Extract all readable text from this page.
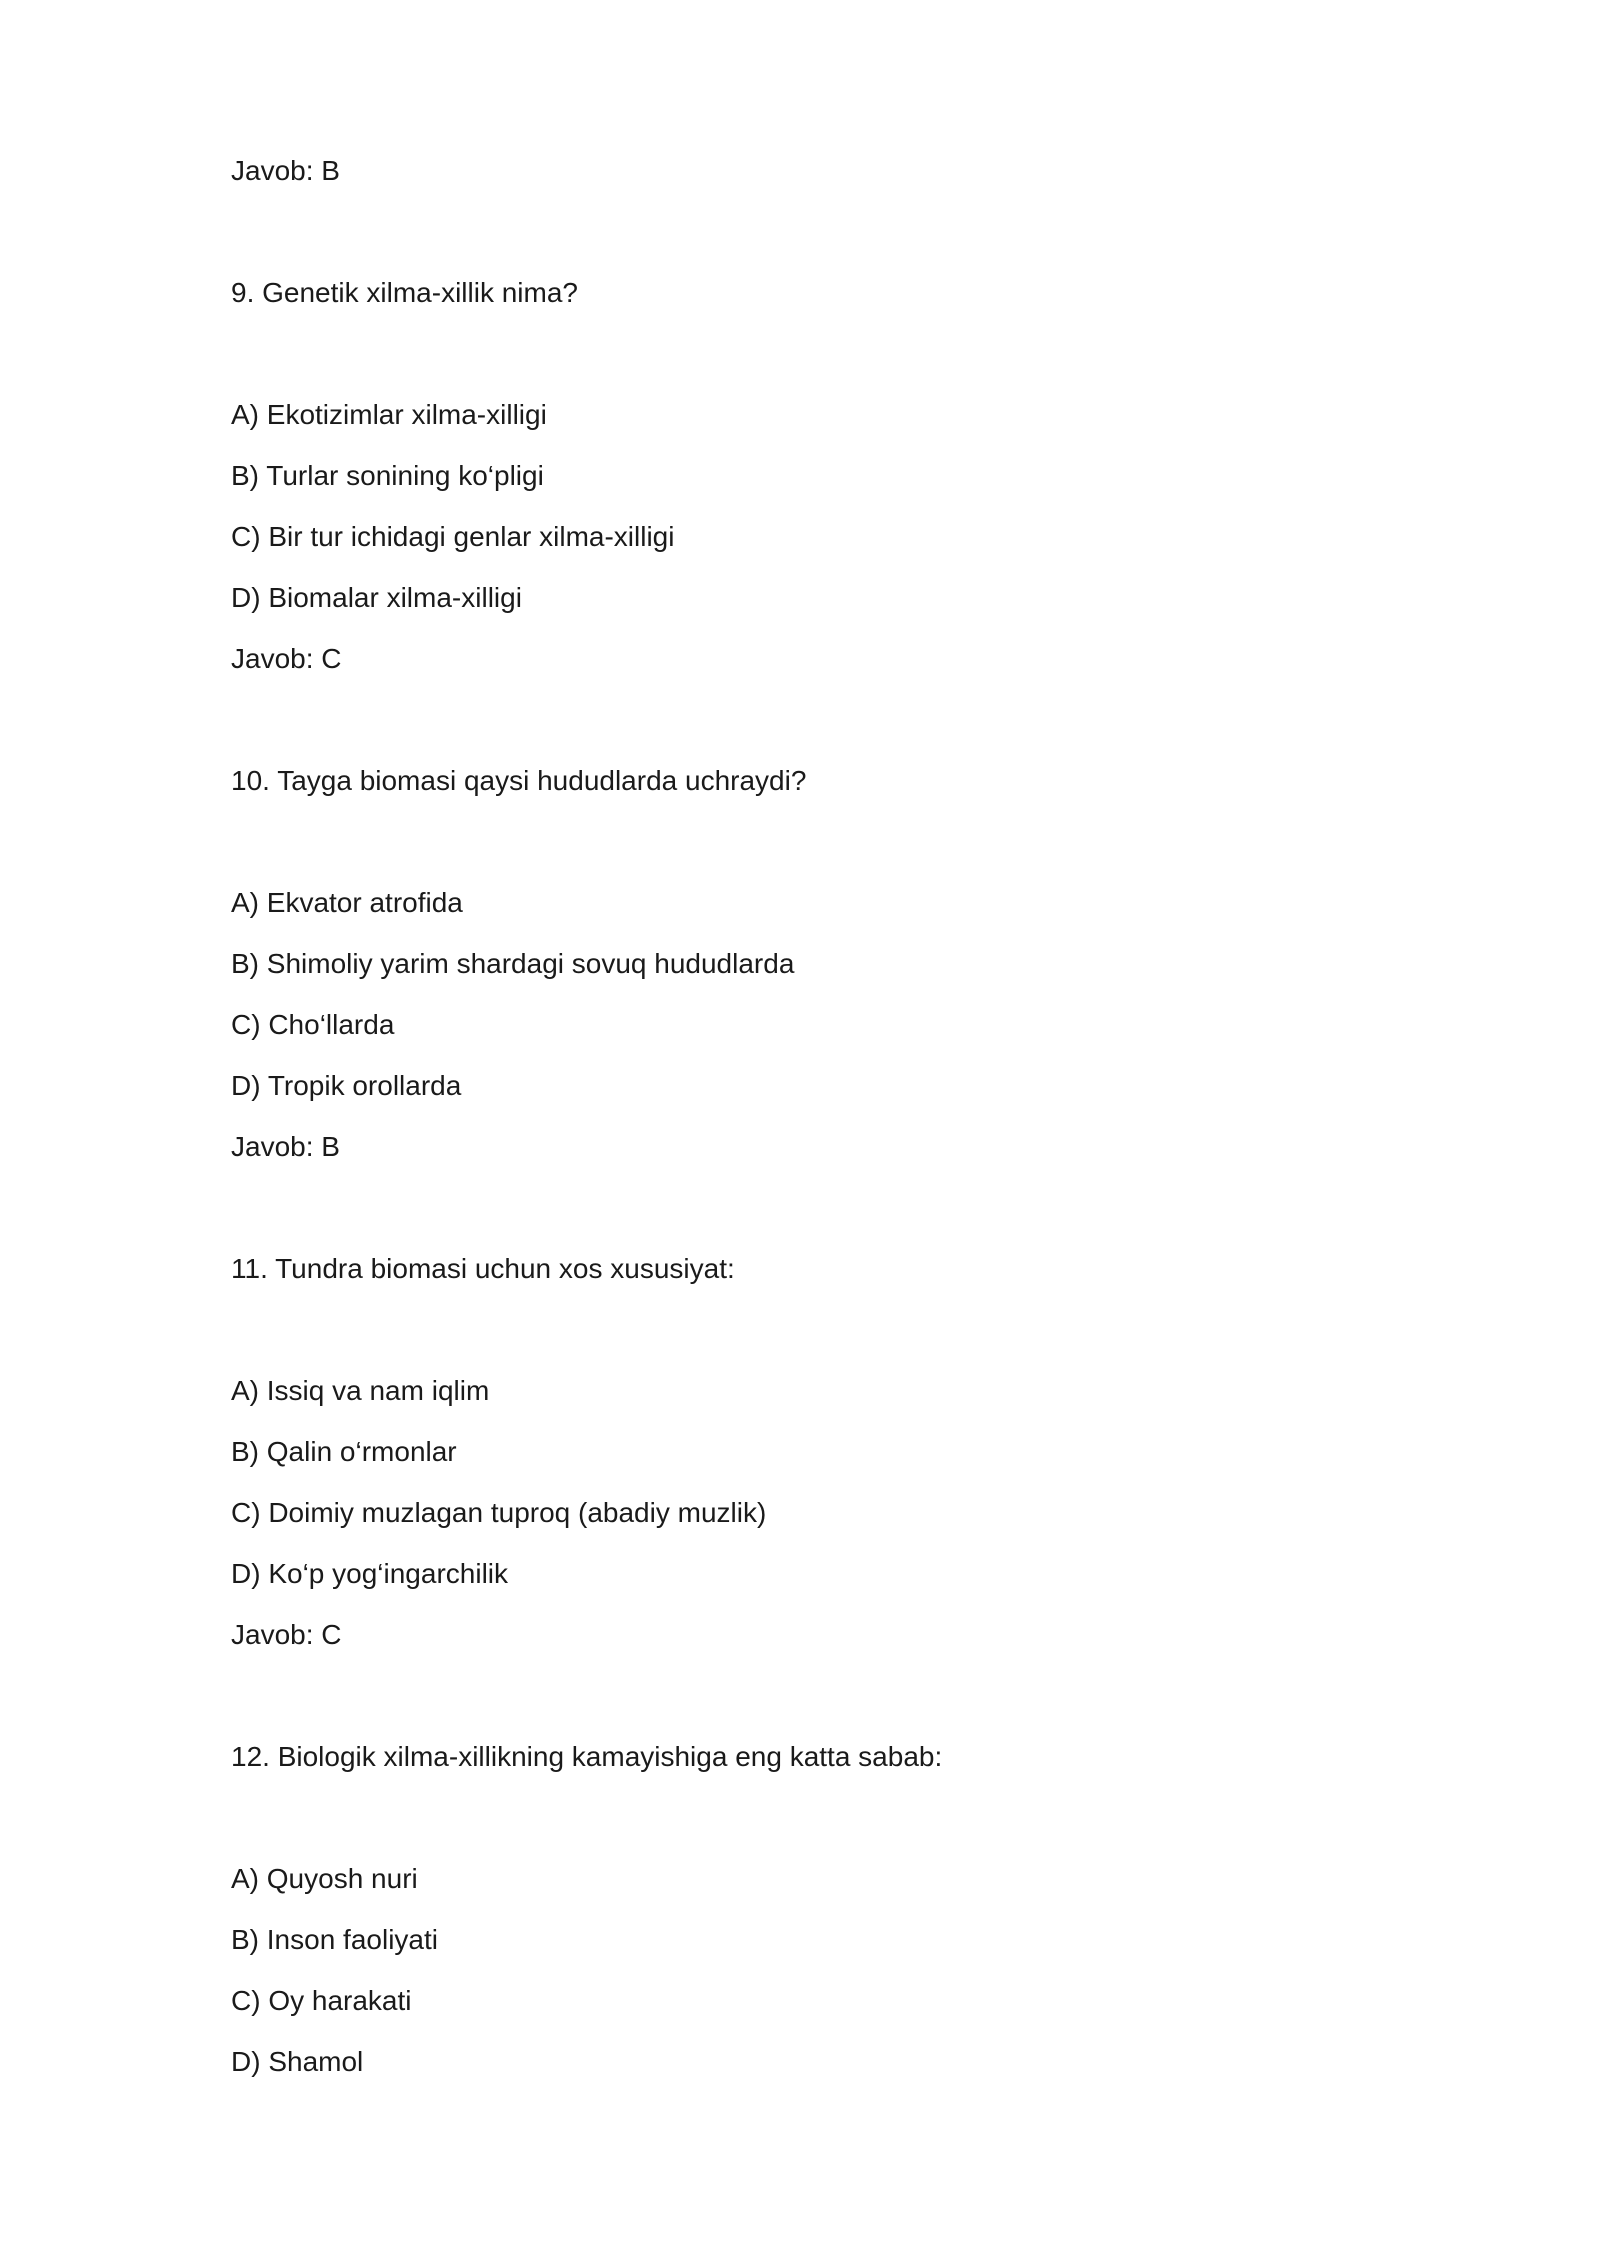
Javob: B
9. Genetik xilma-xillik nima?
A) Ekotizimlar xilma-xilligi
B) Turlar sonining ko‘pligi
C) Bir tur ichidagi genlar xilma-xilligi
D) Biomalar xilma-xilligi
Javob: C
10. Tayga biomasi qaysi hududlarda uchraydi?
A) Ekvator atrofida
B) Shimoliy yarim shardagi sovuq hududlarda
C) Cho‘llarda
D) Tropik orollarda
Javob: B
11. Tundra biomasi uchun xos xususiyat:
A) Issiq va nam iqlim
B) Qalin o‘rmonlar
C) Doimiy muzlagan tuproq (abadiy muzlik)
D) Ko‘p yog‘ingarchilik
Javob: C
12. Biologik xilma-xillikning kamayishiga eng katta sabab:
A) Quyosh nuri
B) Inson faoliyati
C) Oy harakati
D) Shamol
